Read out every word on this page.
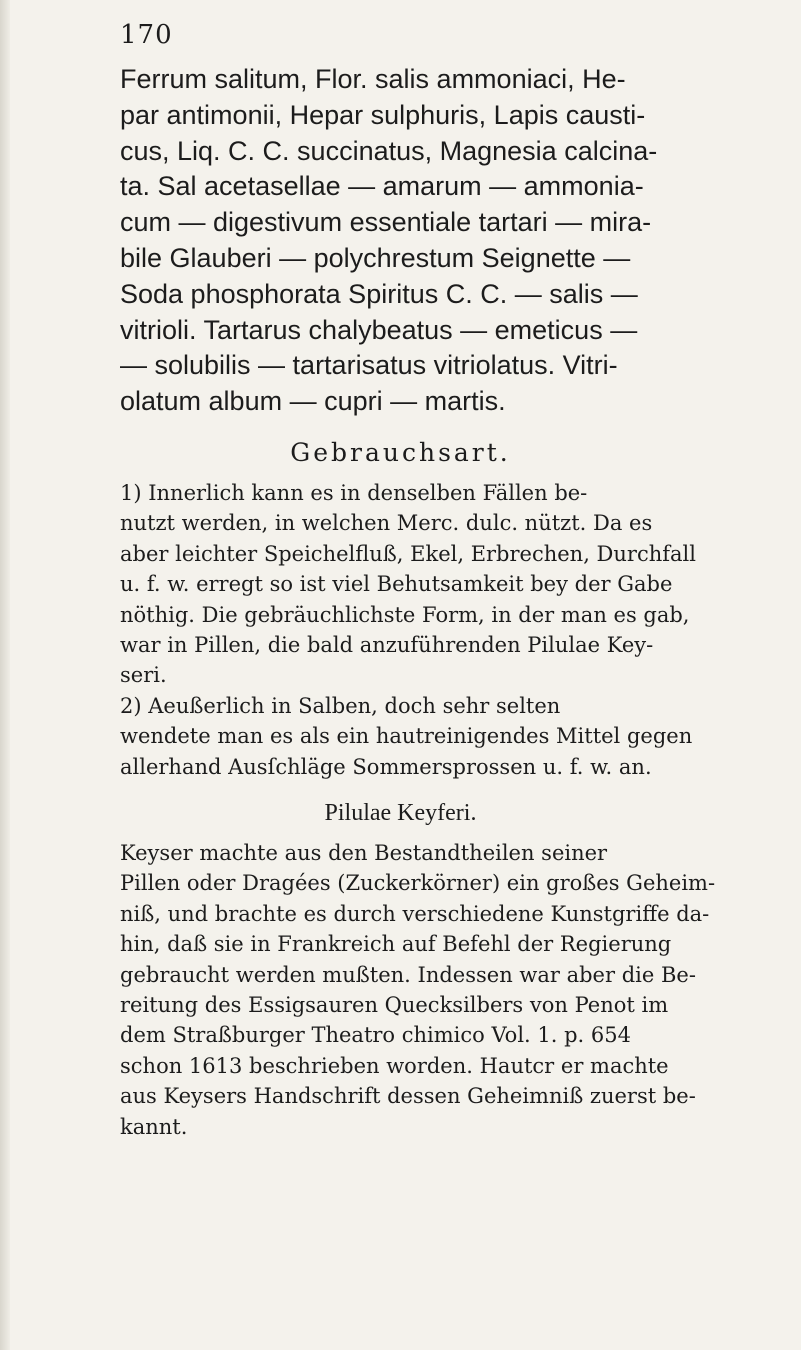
170
Ferrum salitum, Flor. salis ammoniaci, He-
par antimonii, Hepar sulphuris, Lapis causti-
cus, Liq. C. C. succinatus, Magnesia calcina-
ta. Sal acetasellae — amarum — ammonia-
cum — digestivum essentiale tartari — mira-
bile Glauberi — polychrestum Seignette —
Soda phosphorata Spiritus C. C. — salis —
vitrioli. Tartarus chalybeatus — emeticus —
— solubilis — tartarisatus vitriolatus. Vitri-
olatum album — cupri — martis.
Gebrauchsart.
1) Innerlich kann es in denselben Fällen be-
nutzt werden, in welchen Merc. dulc. nützt. Da es
aber leichter Speichelfluß, Ekel, Erbrechen, Durchfall
u. f. w. erregt so ist viel Behutsamkeit bey der Gabe
nöthig. Die gebräuchlichste Form, in der man es gab,
war in Pillen, die bald anzuführenden Pilulae Key-
seri.
2) Aeußerlich in Salben, doch sehr selten
wendete man es als ein hautreinigendes Mittel gegen
allerhand Ausſchläge Sommersprossen u. f. w. an.
Pilulae Keyferi.
Keyser machte aus den Bestandtheilen seiner
Pillen oder Dragées (Zuckerkörner) ein großes Geheim-
niß, und brachte es durch verschiedene Kunstgriffe da-
hin, daß sie in Frankreich auf Befehl der Regierung
gebraucht werden mußten. Indessen war aber die Be-
reitung des Essigsauren Quecksilbers von Penot im
dem Straßburger Theatro chimico Vol. 1. p. 654
schon 1613 beschrieben worden. Hautcr er machte
aus Keysers Handschrift dessen Geheimniß zuerst be-
kannt.
